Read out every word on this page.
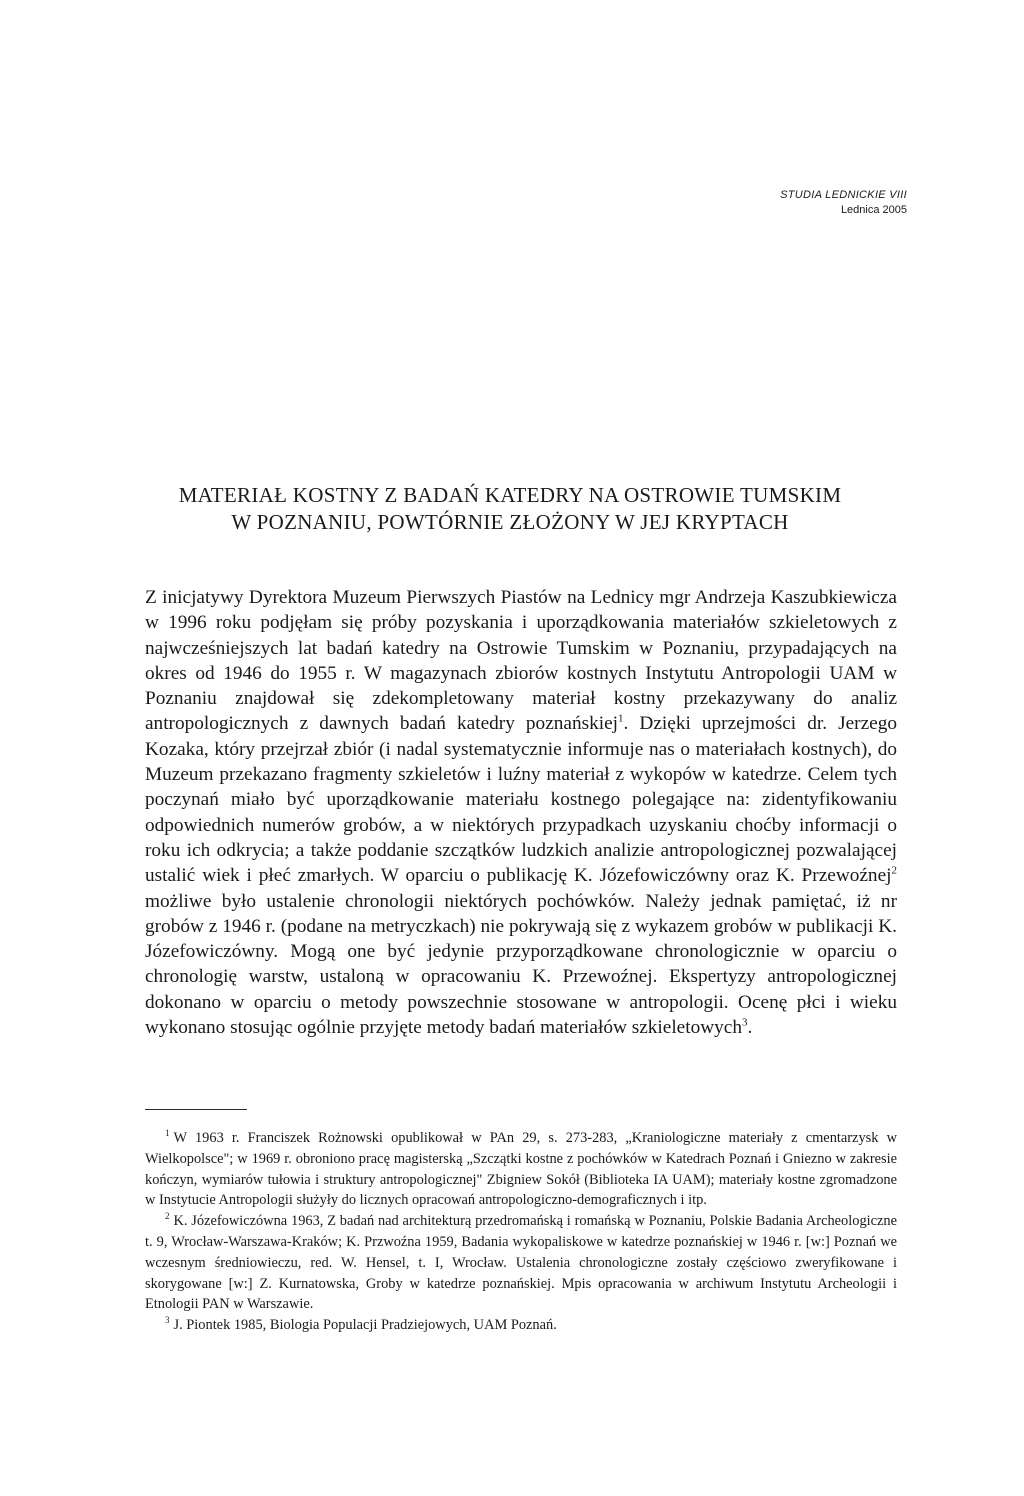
STUDIA LEDNICKIE VIII
Lednica 2005
MATERIAŁ KOSTNY Z BADAŃ KATEDRY NA OSTROWIE TUMSKIM
W POZNANIU, POWTÓRNIE ZŁOŻONY W JEJ KRYPTACH
Z inicjatywy Dyrektora Muzeum Pierwszych Piastów na Lednicy mgr Andrzeja Kaszubkiewicza w 1996 roku podjęłam się próby pozyskania i uporządkowania materiałów szkieletowych z najwcześniejszych lat badań katedry na Ostrowie Tumskim w Poznaniu, przypadających na okres od 1946 do 1955 r. W magazynach zbiorów kostnych Instytutu Antropologii UAM w Poznaniu znajdował się zdekompletowany materiał kostny przekazywany do analiz antropologicznych z dawnych badań katedry poznańskiej$^1$. Dzięki uprzejmości dr. Jerzego Kozaka, który przejrzał zbiór (i nadal systematycznie informuje nas o materiałach kostnych), do Muzeum przekazano fragmenty szkieletów i luźny materiał z wykopów w katedrze. Celem tych poczynań miało być uporządkowanie materiału kostnego polegające na: zidentyfikowaniu odpowiednich numerów grobów, a w niektórych przypadkach uzyskaniu choćby informacji o roku ich odkrycia; a także poddanie szczątków ludzkich analizie antropologicznej pozwalającej ustalić wiek i płeć zmarłych. W oparciu o publikację K. Józefowiczówny oraz K. Przewoźnej$^2$ możliwe było ustalenie chronologii niektórych pochówków. Należy jednak pamiętać, iż nr grobów z 1946 r. (podane na metryczkach) nie pokrywają się z wykazem grobów w publikacji K. Józefowiczówny. Mogą one być jedynie przyporządkowane chronologicznie w oparciu o chronologię warstw, ustaloną w opracowaniu K. Przewoźnej. Ekspertyzy antropologicznej dokonano w oparciu o metody powszechnie stosowane w antropologii. Ocenę płci i wieku wykonano stosując ogólnie przyjęte metody badań materiałów szkieletowych$^3$.

$^1$ W 1963 r. Franciszek Rożnowski opublikował w PAn 29, s. 273-283, „Kraniologiczne materiały z cmentarzysk w Wielkopolsce"; w 1969 r. obroniono pracę magisterską „Szczątki kostne z pochówków w Katedrach Poznań i Gniezno w zakresie kończyn, wymiarów tułowia i struktury antropologicznej" Zbigniew Sokół (Biblioteka IA UAM); materiały kostne zgromadzone w Instytucie Antropologii służyły do licznych opracowań antropologiczno-demograficznych i itp.

$^2$ K. Józefowiczówna 1963, Z badań nad architekturą przedromańską i romańską w Poznaniu, Polskie Badania Archeologiczne t. 9, Wrocław-Warszawa-Kraków; K. Przwoźna 1959, Badania wykopaliskowe w katedrze poznańskiej w 1946 r. [w:] Poznań we wczesnym średniowieczu, red. W. Hensel, t. I, Wrocław. Ustalenia chronologiczne zostały częściowo zweryfikowane i skorygowane [w:] Z. Kurnatowska, Groby w katedrze poznańskiej. Mpis opracowania w archiwum Instytutu Archeologii i Etnologii PAN w Warszawie.

$^3$ J. Piontek 1985, Biologia Populacji Pradziejowych, UAM Poznań.
